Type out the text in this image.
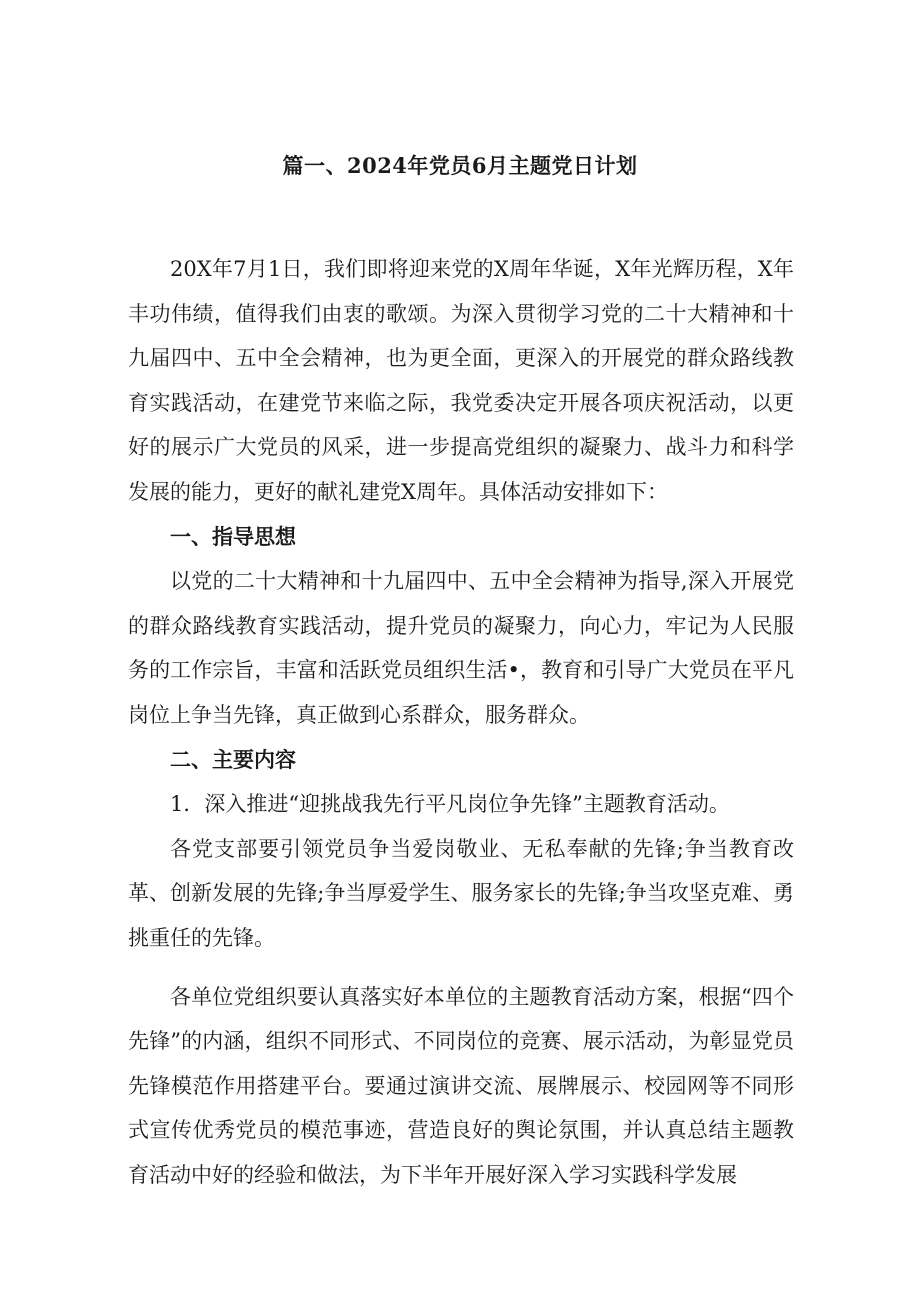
篇一、2024年党员6月主题党日计划

20X年7月1日，我们即将迎来党的X周年华诞，X年光辉历程，X年丰功伟绩，值得我们由衷的歌颂。为深入贯彻学习党的二十大精神和十九届四中、五中全会精神，也为更全面，更深入的开展党的群众路线教育实践活动，在建党节来临之际，我党委决定开展各项庆祝活动，以更好的展示广大党员的风采，进一步提高党组织的凝聚力、战斗力和科学发展的能力，更好的献礼建党X周年。具体活动安排如下：

一、指导思想

以党的二十大精神和十九届四中、五中全会精神为指导,深入开展党的群众路线教育实践活动，提升党员的凝聚力，向心力，牢记为人民服务的工作宗旨，丰富和活跃党员组织生活•，教育和引导广大党员在平凡岗位上争当先锋，真正做到心系群众，服务群众。

二、主要内容

1．深入推进“迎挑战我先行平凡岗位争先锋”主题教育活动。

各党支部要引领党员争当爱岗敬业、无私奉献的先锋;争当教育改革、创新发展的先锋;争当厚爱学生、服务家长的先锋;争当攻坚克难、勇挑重任的先锋。

各单位党组织要认真落实好本单位的主题教育活动方案，根据“四个先锋”的内涵，组织不同形式、不同岗位的竞赛、展示活动，为彰显党员先锋模范作用搭建平台。要通过演讲交流、展牌展示、校园网等不同形式宣传优秀党员的模范事迹，营造良好的舆论氛围，并认真总结主题教育活动中好的经验和做法，为下半年开展好深入学习实践科学发展
